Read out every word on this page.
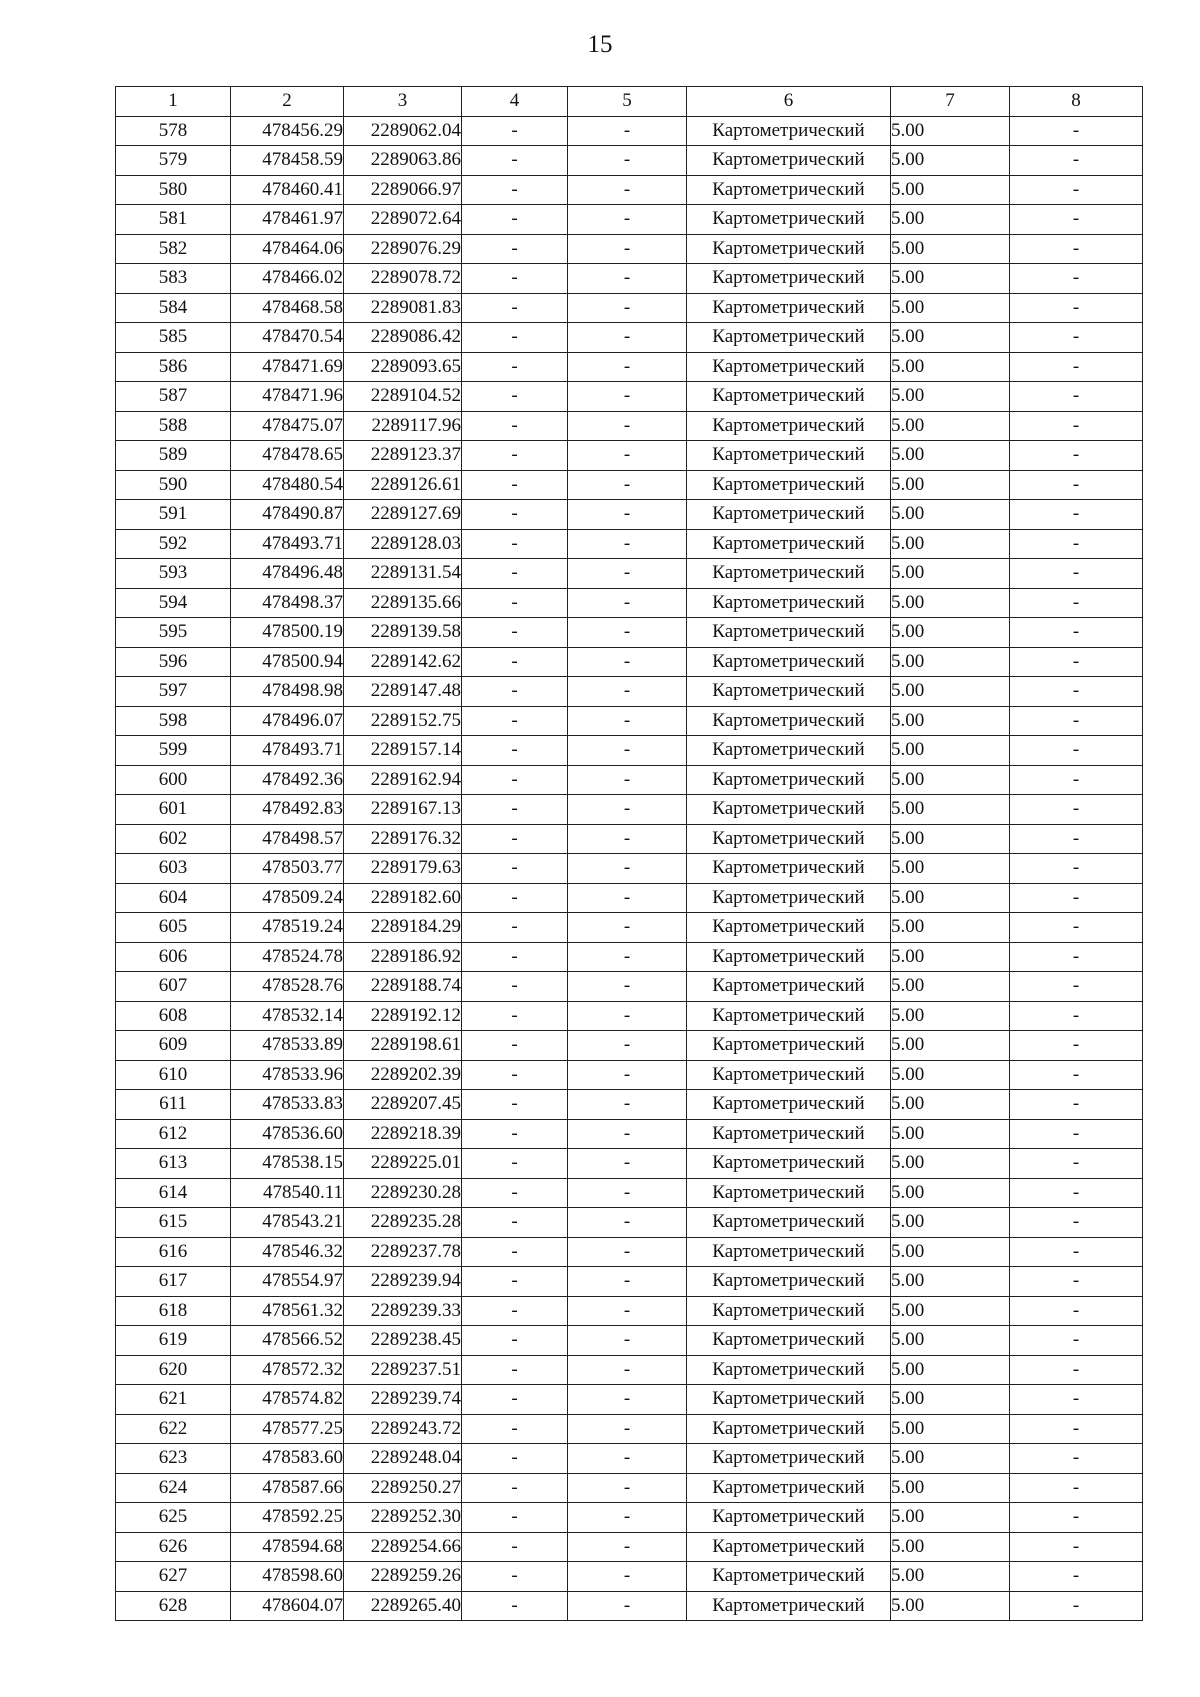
15
1	2	3	4	5	6	7	8
578	478456.29	2289062.04	-	-	Картометрический	5.00	-
579	478458.59	2289063.86	-	-	Картометрический	5.00	-
580	478460.41	2289066.97	-	-	Картометрический	5.00	-
581	478461.97	2289072.64	-	-	Картометрический	5.00	-
582	478464.06	2289076.29	-	-	Картометрический	5.00	-
583	478466.02	2289078.72	-	-	Картометрический	5.00	-
584	478468.58	2289081.83	-	-	Картометрический	5.00	-
585	478470.54	2289086.42	-	-	Картометрический	5.00	-
586	478471.69	2289093.65	-	-	Картометрический	5.00	-
587	478471.96	2289104.52	-	-	Картометрический	5.00	-
588	478475.07	2289117.96	-	-	Картометрический	5.00	-
589	478478.65	2289123.37	-	-	Картометрический	5.00	-
590	478480.54	2289126.61	-	-	Картометрический	5.00	-
591	478490.87	2289127.69	-	-	Картометрический	5.00	-
592	478493.71	2289128.03	-	-	Картометрический	5.00	-
593	478496.48	2289131.54	-	-	Картометрический	5.00	-
594	478498.37	2289135.66	-	-	Картометрический	5.00	-
595	478500.19	2289139.58	-	-	Картометрический	5.00	-
596	478500.94	2289142.62	-	-	Картометрический	5.00	-
597	478498.98	2289147.48	-	-	Картометрический	5.00	-
598	478496.07	2289152.75	-	-	Картометрический	5.00	-
599	478493.71	2289157.14	-	-	Картометрический	5.00	-
600	478492.36	2289162.94	-	-	Картометрический	5.00	-
601	478492.83	2289167.13	-	-	Картометрический	5.00	-
602	478498.57	2289176.32	-	-	Картометрический	5.00	-
603	478503.77	2289179.63	-	-	Картометрический	5.00	-
604	478509.24	2289182.60	-	-	Картометрический	5.00	-
605	478519.24	2289184.29	-	-	Картометрический	5.00	-
606	478524.78	2289186.92	-	-	Картометрический	5.00	-
607	478528.76	2289188.74	-	-	Картометрический	5.00	-
608	478532.14	2289192.12	-	-	Картометрический	5.00	-
609	478533.89	2289198.61	-	-	Картометрический	5.00	-
610	478533.96	2289202.39	-	-	Картометрический	5.00	-
611	478533.83	2289207.45	-	-	Картометрический	5.00	-
612	478536.60	2289218.39	-	-	Картометрический	5.00	-
613	478538.15	2289225.01	-	-	Картометрический	5.00	-
614	478540.11	2289230.28	-	-	Картометрический	5.00	-
615	478543.21	2289235.28	-	-	Картометрический	5.00	-
616	478546.32	2289237.78	-	-	Картометрический	5.00	-
617	478554.97	2289239.94	-	-	Картометрический	5.00	-
618	478561.32	2289239.33	-	-	Картометрический	5.00	-
619	478566.52	2289238.45	-	-	Картометрический	5.00	-
620	478572.32	2289237.51	-	-	Картометрический	5.00	-
621	478574.82	2289239.74	-	-	Картометрический	5.00	-
622	478577.25	2289243.72	-	-	Картометрический	5.00	-
623	478583.60	2289248.04	-	-	Картометрический	5.00	-
624	478587.66	2289250.27	-	-	Картометрический	5.00	-
625	478592.25	2289252.30	-	-	Картометрический	5.00	-
626	478594.68	2289254.66	-	-	Картометрический	5.00	-
627	478598.60	2289259.26	-	-	Картометрический	5.00	-
628	478604.07	2289265.40	-	-	Картометрический	5.00	-
